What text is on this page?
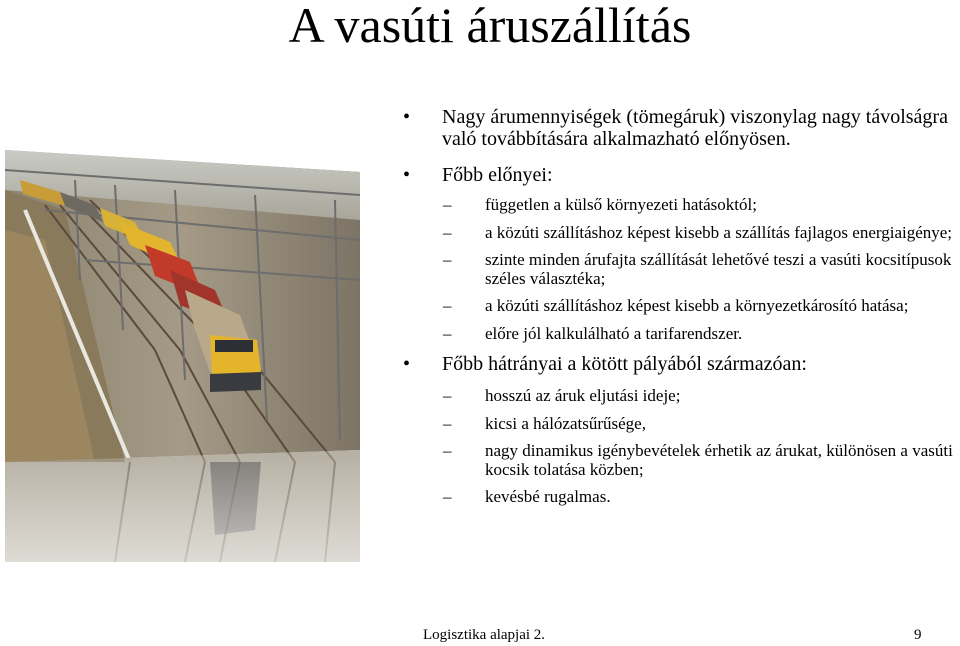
A vasúti áruszállítás

• Nagy árumennyiségek (tömegáruk) viszonylag nagy távolságra való továbbítására alkalmazható előnyösen.

• Főbb előnyei:

– független a külső környezeti hatásoktól;

– a közúti szállításhoz képest kisebb a szállítás fajlagos energiaigénye;

– szinte minden árufajta szállítását lehetővé teszi a vasúti kocsitípusok széles választéka;

– a közúti szállításhoz képest kisebb a környezetkárosító hatása;

– előre jól kalkulálható a tarifarendszer.

• Főbb hátrányai a kötött pályából származóan:

– hosszú az áruk eljutási ideje;

– kicsi a hálózatsűrűsége,

– nagy dinamikus igénybevételek érhetik az árukat, különösen a vasúti kocsik tolatása közben;

– kevésbé rugalmas.

Logisztika alapjai 2.	9
